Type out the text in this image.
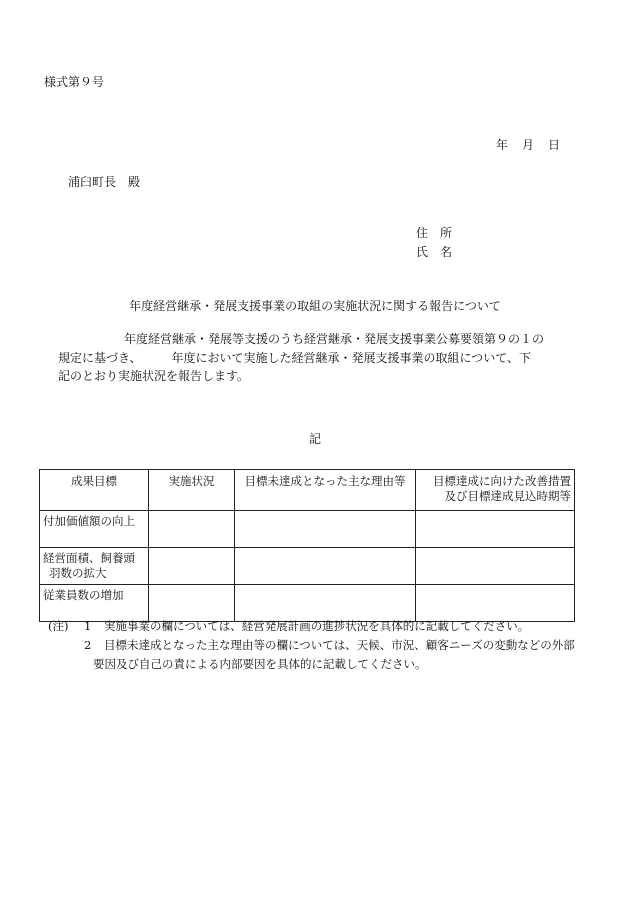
様式第９号
年 月 日
浦臼町長　殿
住　所
氏　名
年度経営継承・発展支援事業の取組の実施状況に関する報告について
年度経営継承・発展等支援のうち経営継承・発展支援事業公募要領第９の１の
規定に基づき、　　　年度において実施した経営継承・発展支援事業の取組について、下
記のとおり実施状況を報告します。
記
成果目標	実施状況	目標未達成となった主な理由等	目標達成に向けた改善措置
及び目標達成見込時期等

付加価値額の向上			

経営面積、飼養頭
羽数の拡大			

従業員数の増加			

(注)	1	実施事業の欄については、経営発展計画の進捗状況を具体的に記載してください。
2	目標未達成となった主な理由等の欄については、天候、市況、顧客ニーズの変動などの外部
要因及び自己の責による内部要因を具体的に記載してください。
